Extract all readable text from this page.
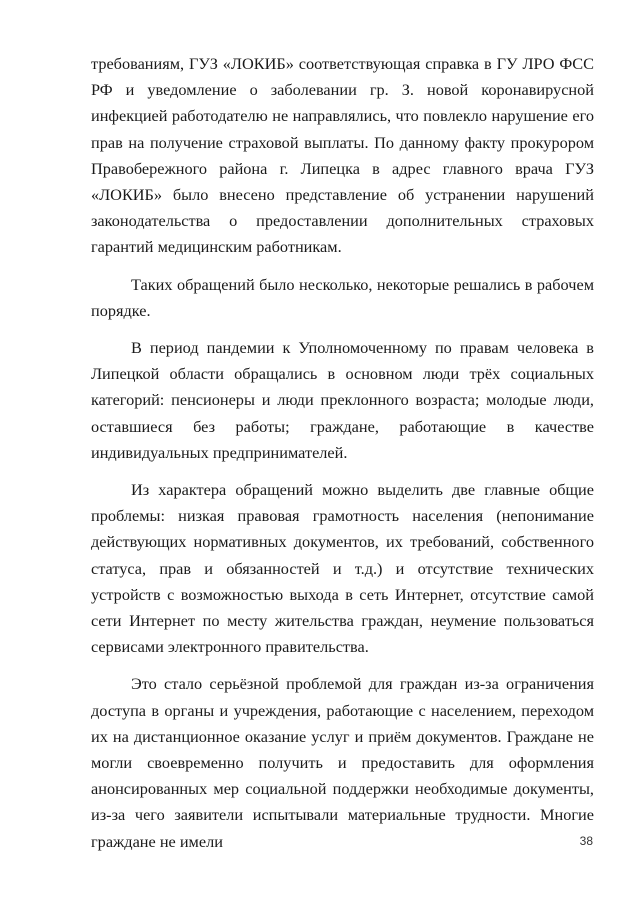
требованиям, ГУЗ «ЛОКИБ» соответствующая справка в ГУ ЛРО ФСС РФ и уведомление о заболевании гр. З. новой коронавирусной инфекцией работодателю не направлялись, что повлекло нарушение его прав на получение страховой выплаты. По данному факту прокурором Правобережного района г. Липецка в адрес главного врача ГУЗ «ЛОКИБ» было внесено представление об устранении нарушений законодательства о предоставлении дополнительных страховых гарантий медицинским работникам.

Таких обращений было несколько, некоторые решались в рабочем порядке.

В период пандемии к Уполномоченному по правам человека в Липецкой области обращались в основном люди трёх социальных категорий: пенсионеры и люди преклонного возраста; молодые люди, оставшиеся без работы; граждане, работающие в качестве индивидуальных предпринимателей.

Из характера обращений можно выделить две главные общие проблемы: низкая правовая грамотность населения (непонимание действующих нормативных документов, их требований, собственного статуса, прав и обязанностей и т.д.) и отсутствие технических устройств с возможностью выхода в сеть Интернет, отсутствие самой сети Интернет по месту жительства граждан, неумение пользоваться сервисами электронного правительства.

Это стало серьёзной проблемой для граждан из-за ограничения доступа в органы и учреждения, работающие с населением, переходом их на дистанционное оказание услуг и приём документов. Граждане не могли своевременно получить и предоставить для оформления анонсированных мер социальной поддержки необходимые документы, из-за чего заявители испытывали материальные трудности. Многие граждане не имели	38
